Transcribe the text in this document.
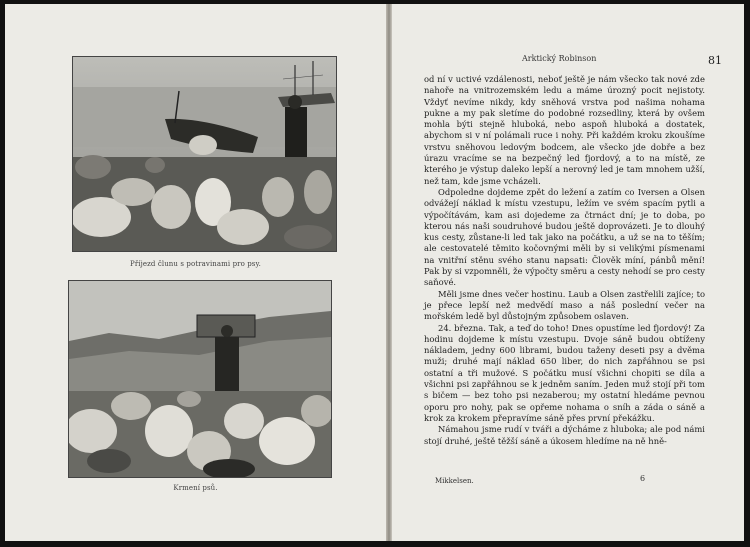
Příjezd člunu s potravinami pro psy.
Krmení psů.
Arktický Robinson	81

od ní v uctivé vzdálenosti, neboť ještě je nám všecko tak nové zde nahoře na vnitrozemském ledu a máme úrozný pocit nejistoty. Vždyť nevíme nikdy, kdy sněhová vrstva pod našima nohama pukne a my pak sletíme do podobné rozsedliny, která by ovšem mohla býti stejně hluboká, nebo aspoň hluboká a dostatek, abychom si v ní polámali ruce i nohy. Při každém kroku zkoušíme vrstvu sněhovou ledovým bodcem, ale všecko jde dobře a bez úrazu vracíme se na bezpečný led fjordový, a to na místě, ze kterého je výstup daleko lepší a nerovný led je tam mnohem užší, než tam, kde jsme vcházeli.

Odpoledne dojdeme zpět do ležení a zatím co Iversen a Olsen odvážejí náklad k místu vzestupu, ležím ve svém spacím pytli a výpočítávám, kam asi dojedeme za čtrnáct dní; je to doba, po kterou nás naši soudruhové budou ještě doprovázeti. Je to dlouhý kus cesty, zůstane-li led tak jako na počátku, a už se na to těším; ale cestovatelé těmito kočovnými měli by si velikými písmenami na vnitřní stěnu svého stanu napsati: Člověk míní, pánbů mění! Pak by si vzpomněli, že výpočty směru a cesty nehodí se pro cesty saňové.

Měli jsme dnes večer hostinu. Laub a Olsen zastřelili zajíce; to je přece lepší než medvědí maso a náš poslední večer na mořském ledě byl důstojným způsobem oslaven.

24. března. Tak, a teď do toho! Dnes opustíme led fjordový! Za hodinu dojdeme k místu vzestupu. Dvoje sáně budou obtíženy nákladem, jedny 600 librami, budou taženy deseti psy a dvěma muži; druhé mají náklad 650 liber, do nich zapřáhnou se psi ostatní a tři mužové. S počátku musí všichni chopiti se díla a všichni psi zapřáhnou se k jedněm saním. Jeden muž stojí při tom s bičem — bez toho psi nezaberou; my ostatní hledáme pevnou oporu pro nohy, pak se opřeme nohama o sníh a záda o sáně a krok za krokem přepravíme sáně přes první překážku.

Námahou jsme rudí v tváři a dýcháme z hluboka; ale pod námi stojí druhé, ještě těžší sáně a úkosem hledíme na ně hně-

Mikkelsen.	6
